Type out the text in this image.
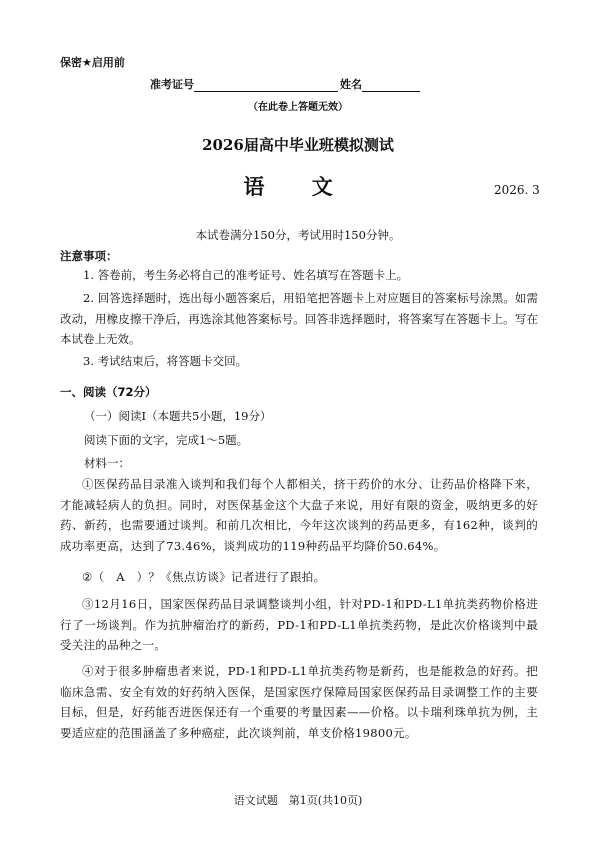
保密★启用前
准考证号	姓名
（在此卷上答题无效）
2026届高中毕业班模拟测试
语 文	2026. 3
本试卷满分150分，考试用时150分钟。
注意事项：
1. 答卷前，考生务必将自己的准考证号、姓名填写在答题卡上。
2. 回答选择题时，选出每小题答案后，用铅笔把答题卡上对应题目的答案标号涂黑。如需改动，用橡皮擦干净后，再选涂其他答案标号。回答非选择题时，将答案写在答题卡上。写在本试卷上无效。
3. 考试结束后，将答题卡交回。
一、阅读（72分）
（一）阅读Ⅰ（本题共5小题，19分）
阅读下面的文字，完成1～5题。
材料一：
①医保药品目录准入谈判和我们每个人都相关，挤干药价的水分、让药品价格降下来，才能减轻病人的负担。同时，对医保基金这个大盘子来说，用好有限的资金，吸纳更多的好药、新药，也需要通过谈判。和前几次相比，今年这次谈判的药品更多，有162种，谈判的成功率更高，达到了73.46%，谈判成功的119种药品平均降价50.64%。
②（　A　）？《焦点访谈》记者进行了跟拍。
③12月16日，国家医保药品目录调整谈判小组，针对PD-1和PD-L1单抗类药物价格进行了一场谈判。作为抗肿瘤治疗的新药，PD-1和PD-L1单抗类药物，是此次价格谈判中最受关注的品种之一。
④对于很多肿瘤患者来说，PD-1和PD-L1单抗类药物是新药，也是能救急的好药。把临床急需、安全有效的好药纳入医保，是国家医疗保障局国家医保药品目录调整工作的主要目标，但是，好药能否进医保还有一个重要的考量因素——价格。以卡瑞利珠单抗为例，主要适应症的范围涵盖了多种癌症，此次谈判前，单支价格19800元。
语文试题　第1页(共10页)
